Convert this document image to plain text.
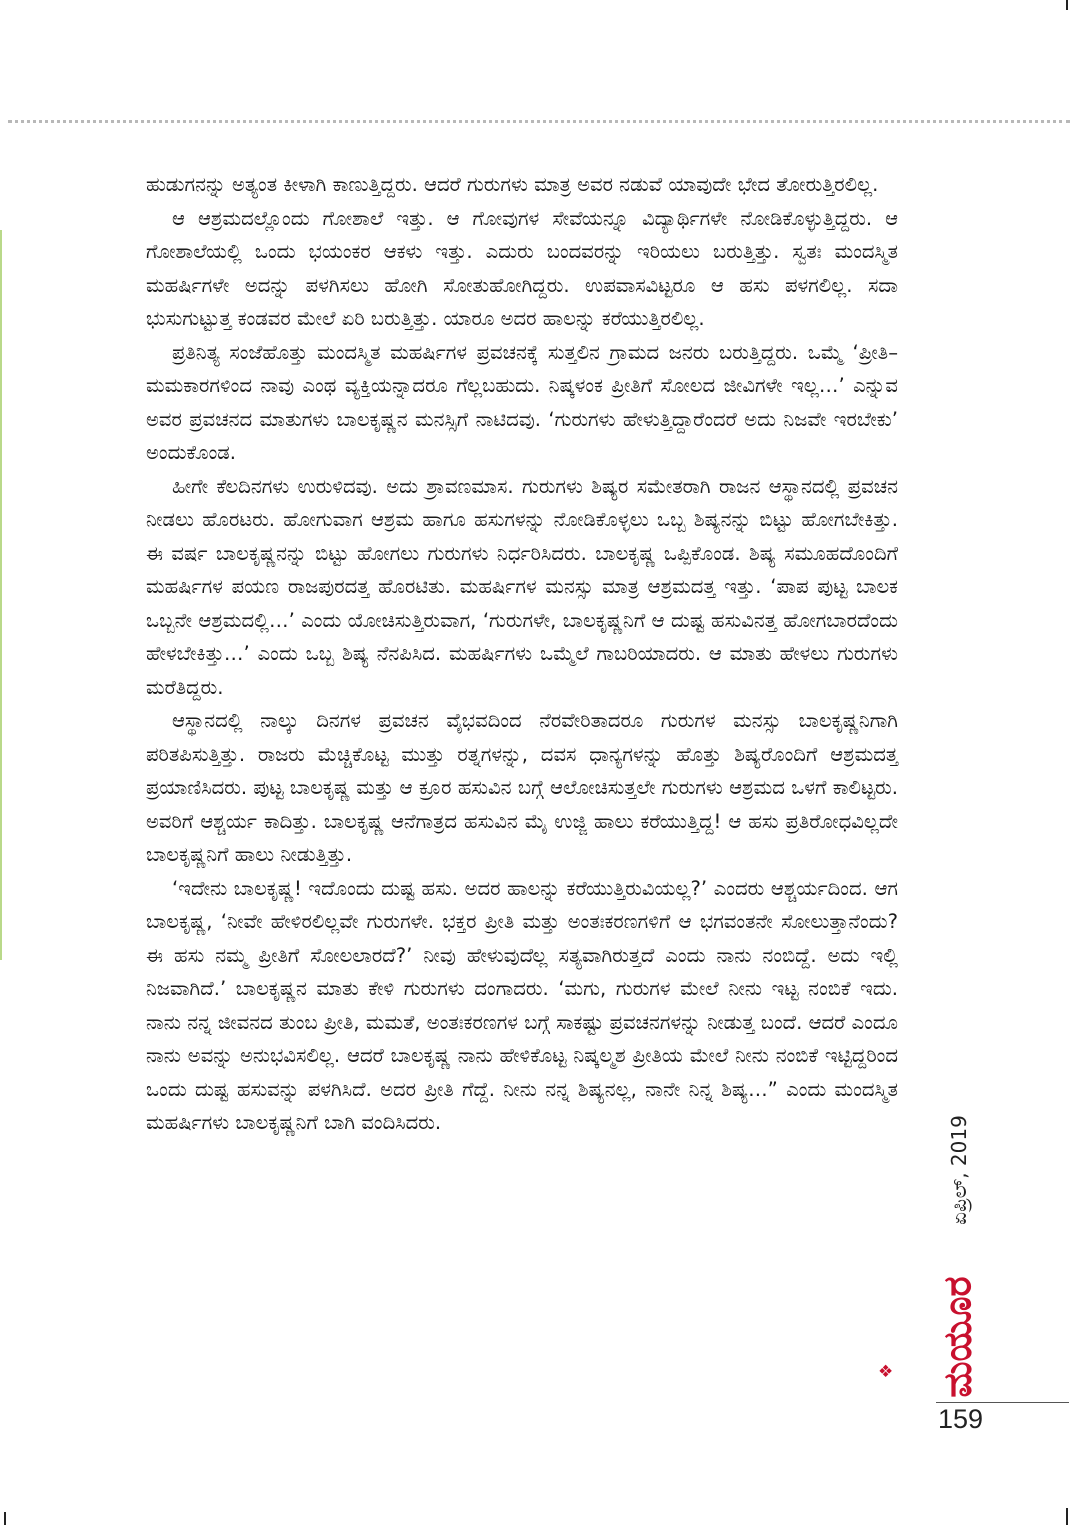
ಹುಡುಗನನ್ನು ಅತ್ಯಂತ ಕೀಳಾಗಿ ಕಾಣುತ್ತಿದ್ದರು. ಆದರೆ ಗುರುಗಳು ಮಾತ್ರ ಅವರ ನಡುವೆ ಯಾವುದೇ ಭೇದ ತೋರುತ್ತಿರಲಿಲ್ಲ.

ಆ ಆಶ್ರಮದಲ್ಲೊಂದು ಗೋಶಾಲೆ ಇತ್ತು. ಆ ಗೋವುಗಳ ಸೇವೆಯನ್ನೂ ವಿದ್ಯಾರ್ಥಿಗಳೇ ನೋಡಿಕೊಳ್ಳುತ್ತಿದ್ದರು. ಆ ಗೋಶಾಲೆಯಲ್ಲಿ ಒಂದು ಭಯಂಕರ ಆಕಳು ಇತ್ತು. ಎದುರು ಬಂದವರನ್ನು ಇರಿಯಲು ಬರುತ್ತಿತ್ತು. ಸ್ವತಃ ಮಂದಸ್ಮಿತ ಮಹರ್ಷಿಗಳೇ ಅದನ್ನು ಪಳಗಿಸಲು ಹೋಗಿ ಸೋತುಹೋಗಿದ್ದರು. ಉಪವಾಸವಿಟ್ಟರೂ ಆ ಹಸು ಪಳಗಲಿಲ್ಲ. ಸದಾ ಭುಸುಗುಟ್ಟುತ್ತ ಕಂಡವರ ಮೇಲೆ ಏರಿ ಬರುತ್ತಿತ್ತು. ಯಾರೂ ಅದರ ಹಾಲನ್ನು ಕರೆಯುತ್ತಿರಲಿಲ್ಲ.

ಪ್ರತಿನಿತ್ಯ ಸಂಜೆಹೊತ್ತು ಮಂದಸ್ಮಿತ ಮಹರ್ಷಿಗಳ ಪ್ರವಚನಕ್ಕೆ ಸುತ್ತಲಿನ ಗ್ರಾಮದ ಜನರು ಬರುತ್ತಿದ್ದರು. ಒಮ್ಮೆ ‘ಪ್ರೀತಿ–ಮಮಕಾರಗಳಿಂದ ನಾವು ಎಂಥ ವ್ಯಕ್ತಿಯನ್ನಾದರೂ ಗೆಲ್ಲಬಹುದು. ನಿಷ್ಕಳಂಕ ಪ್ರೀತಿಗೆ ಸೋಲದ ಜೀವಿಗಳೇ ಇಲ್ಲ…’ ಎನ್ನುವ ಅವರ ಪ್ರವಚನದ ಮಾತುಗಳು ಬಾಲಕೃಷ್ಣನ ಮನಸ್ಸಿಗೆ ನಾಟಿದವು. ‘ಗುರುಗಳು ಹೇಳುತ್ತಿದ್ದಾರೆಂದರೆ ಅದು ನಿಜವೇ ಇರಬೇಕು’ ಅಂದುಕೊಂಡ.

ಹೀಗೇ ಕೆಲದಿನಗಳು ಉರುಳಿದವು. ಅದು ಶ್ರಾವಣಮಾಸ. ಗುರುಗಳು ಶಿಷ್ಯರ ಸಮೇತರಾಗಿ ರಾಜನ ಆಸ್ಥಾನದಲ್ಲಿ ಪ್ರವಚನ ನೀಡಲು ಹೊರಟರು. ಹೋಗುವಾಗ ಆಶ್ರಮ ಹಾಗೂ ಹಸುಗಳನ್ನು ನೋಡಿಕೊಳ್ಳಲು ಒಬ್ಬ ಶಿಷ್ಯನನ್ನು ಬಿಟ್ಟು ಹೋಗಬೇಕಿತ್ತು. ಈ ವರ್ಷ ಬಾಲಕೃಷ್ಣನನ್ನು ಬಿಟ್ಟು ಹೋಗಲು ಗುರುಗಳು ನಿರ್ಧರಿಸಿದರು. ಬಾಲಕೃಷ್ಣ ಒಪ್ಪಿಕೊಂಡ. ಶಿಷ್ಯ ಸಮೂಹದೊಂದಿಗೆ ಮಹರ್ಷಿಗಳ ಪಯಣ ರಾಜಪುರದತ್ತ ಹೊರಟಿತು. ಮಹರ್ಷಿಗಳ ಮನಸ್ಸು ಮಾತ್ರ ಆಶ್ರಮದತ್ತ ಇತ್ತು. ‘ಪಾಪ ಪುಟ್ಟ ಬಾಲಕ ಒಬ್ಬನೇ ಆಶ್ರಮದಲ್ಲಿ…’ ಎಂದು ಯೋಚಿಸುತ್ತಿರುವಾಗ, ‘ಗುರುಗಳೇ, ಬಾಲಕೃಷ್ಣನಿಗೆ ಆ ದುಷ್ಟ ಹಸುವಿನತ್ತ ಹೋಗಬಾರದೆಂದು ಹೇಳಬೇಕಿತ್ತು…’ ಎಂದು ಒಬ್ಬ ಶಿಷ್ಯ ನೆನಪಿಸಿದ. ಮಹರ್ಷಿಗಳು ಒಮ್ಮೆಲೆ ಗಾಬರಿಯಾದರು. ಆ ಮಾತು ಹೇಳಲು ಗುರುಗಳು ಮರೆತಿದ್ದರು.

ಆಸ್ಥಾನದಲ್ಲಿ ನಾಲ್ಕು ದಿನಗಳ ಪ್ರವಚನ ವೈಭವದಿಂದ ನೆರವೇರಿತಾದರೂ ಗುರುಗಳ ಮನಸ್ಸು ಬಾಲಕೃಷ್ಣನಿಗಾಗಿ ಪರಿತಪಿಸುತ್ತಿತ್ತು. ರಾಜರು ಮೆಚ್ಚಿಕೊಟ್ಟ ಮುತ್ತು ರತ್ನಗಳನ್ನು, ದವಸ ಧಾನ್ಯಗಳನ್ನು ಹೊತ್ತು ಶಿಷ್ಯರೊಂದಿಗೆ ಆಶ್ರಮದತ್ತ ಪ್ರಯಾಣಿಸಿದರು. ಪುಟ್ಟ ಬಾಲಕೃಷ್ಣ ಮತ್ತು ಆ ಕ್ರೂರ ಹಸುವಿನ ಬಗ್ಗೆ ಆಲೋಚಿಸುತ್ತಲೇ ಗುರುಗಳು ಆಶ್ರಮದ ಒಳಗೆ ಕಾಲಿಟ್ಟರು. ಅವರಿಗೆ ಆಶ್ಚರ್ಯ ಕಾದಿತ್ತು. ಬಾಲಕೃಷ್ಣ ಆನೆಗಾತ್ರದ ಹಸುವಿನ ಮೈ ಉಜ್ಜಿ ಹಾಲು ಕರೆಯುತ್ತಿದ್ದ! ಆ ಹಸು ಪ್ರತಿರೋಧವಿಲ್ಲದೇ ಬಾಲಕೃಷ್ಣನಿಗೆ ಹಾಲು ನೀಡುತ್ತಿತ್ತು.

‘ಇದೇನು ಬಾಲಕೃಷ್ಣ! ಇದೊಂದು ದುಷ್ಟ ಹಸು. ಅದರ ಹಾಲನ್ನು ಕರೆಯುತ್ತಿರುವಿಯಲ್ಲ?’ ಎಂದರು ಆಶ್ಚರ್ಯದಿಂದ. ಆಗ ಬಾಲಕೃಷ್ಣ, ‘ನೀವೇ ಹೇಳಿರಲಿಲ್ಲವೇ ಗುರುಗಳೇ. ಭಕ್ತರ ಪ್ರೀತಿ ಮತ್ತು ಅಂತಃಕರಣಗಳಿಗೆ ಆ ಭಗವಂತನೇ ಸೋಲುತ್ತಾನೆಂದು? ಈ ಹಸು ನಮ್ಮ ಪ್ರೀತಿಗೆ ಸೋಲಲಾರದೆ?’ ನೀವು ಹೇಳುವುದೆಲ್ಲ ಸತ್ಯವಾಗಿರುತ್ತದೆ ಎಂದು ನಾನು ನಂಬಿದ್ದೆ. ಅದು ಇಲ್ಲಿ ನಿಜವಾಗಿದೆ.’ ಬಾಲಕೃಷ್ಣನ ಮಾತು ಕೇಳಿ ಗುರುಗಳು ದಂಗಾದರು. ‘ಮಗು, ಗುರುಗಳ ಮೇಲೆ ನೀನು ಇಟ್ಟ ನಂಬಿಕೆ ಇದು. ನಾನು ನನ್ನ ಜೀವನದ ತುಂಬ ಪ್ರೀತಿ, ಮಮತೆ, ಅಂತಃಕರಣಗಳ ಬಗ್ಗೆ ಸಾಕಷ್ಟು ಪ್ರವಚನಗಳನ್ನು ನೀಡುತ್ತ ಬಂದೆ. ಆದರೆ ಎಂದೂ ನಾನು ಅವನ್ನು ಅನುಭವಿಸಲಿಲ್ಲ. ಆದರೆ ಬಾಲಕೃಷ್ಣ ನಾನು ಹೇಳಿಕೊಟ್ಟ ನಿಷ್ಕಲ್ಮಶ ಪ್ರೀತಿಯ ಮೇಲೆ ನೀನು ನಂಬಿಕೆ ಇಟ್ಟಿದ್ದರಿಂದ ಒಂದು ದುಷ್ಟ ಹಸುವನ್ನು ಪಳಗಿಸಿದೆ. ಅದರ ಪ್ರೀತಿ ಗೆದ್ದೆ. ನೀನು ನನ್ನ ಶಿಷ್ಯನಲ್ಲ, ನಾನೇ ನಿನ್ನ ಶಿಷ್ಯ…” ಎಂದು ಮಂದಸ್ಮಿತ ಮಹರ್ಷಿಗಳು ಬಾಲಕೃಷ್ಣನಿಗೆ ಬಾಗಿ ವಂದಿಸಿದರು.

❖
ಏಪ್ರಿಲ್, 2019
ಮಯೂರ
159
